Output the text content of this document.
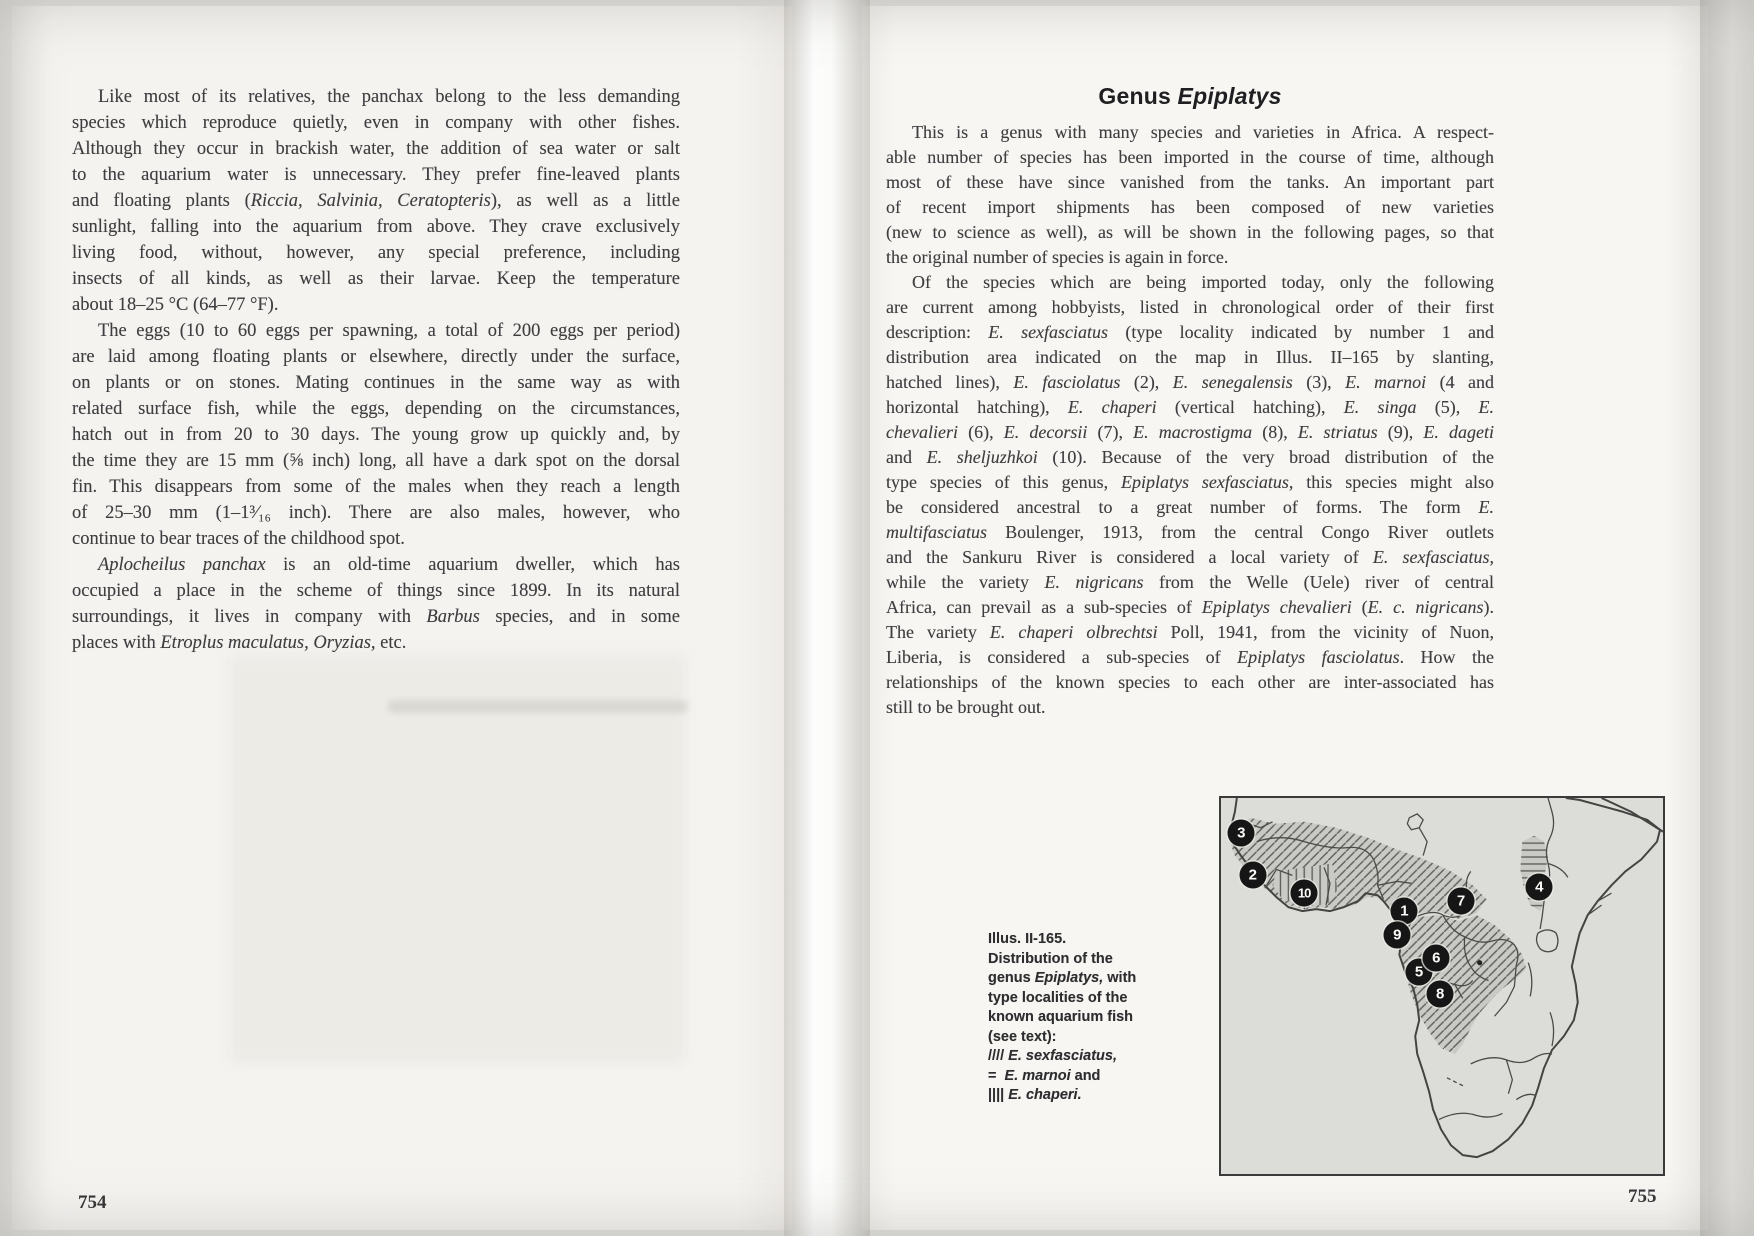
Like most of its relatives, the panchax belong to the less demanding
species which reproduce quietly, even in company with other fishes.
Although they occur in brackish water, the addition of sea water or salt
to the aquarium water is unnecessary. They prefer fine-leaved plants
and floating plants (Riccia, Salvinia, Ceratopteris), as well as a little
sunlight, falling into the aquarium from above. They crave exclusively
living food, without, however, any special preference, including
insects of all kinds, as well as their larvae. Keep the temperature
about 18–25 °C (64–77 °F).
The eggs (10 to 60 eggs per spawning, a total of 200 eggs per period)
are laid among floating plants or elsewhere, directly under the surface,
on plants or on stones. Mating continues in the same way as with
related surface fish, while the eggs, depending on the circumstances,
hatch out in from 20 to 30 days. The young grow up quickly and, by
the time they are 15 mm (⅝ inch) long, all have a dark spot on the dorsal
fin. This disappears from some of the males when they reach a length
of 25–30 mm (1–1³⁄₁₆ inch). There are also males, however, who
continue to bear traces of the childhood spot.
Aplocheilus panchax is an old-time aquarium dweller, which has
occupied a place in the scheme of things since 1899. In its natural
surroundings, it lives in company with Barbus species, and in some
places with Etroplus maculatus, Oryzias, etc.
Genus Epiplatys
This is a genus with many species and varieties in Africa. A respect-
able number of species has been imported in the course of time, although
most of these have since vanished from the tanks. An important part
of recent import shipments has been composed of new varieties
(new to science as well), as will be shown in the following pages, so that
the original number of species is again in force.
Of the species which are being imported today, only the following
are current among hobbyists, listed in chronological order of their first
description: E. sexfasciatus (type locality indicated by number 1 and
distribution area indicated on the map in Illus. II–165 by slanting,
hatched lines), E. fasciolatus (2), E. senegalensis (3), E. marnoi (4 and
horizontal hatching), E. chaperi (vertical hatching), E. singa (5), E.
chevalieri (6), E. decorsii (7), E. macrostigma (8), E. striatus (9), E. dageti
and E. sheljuzhkoi (10). Because of the very broad distribution of the
type species of this genus, Epiplatys sexfasciatus, this species might also
be considered ancestral to a great number of forms. The form E.
multifasciatus Boulenger, 1913, from the central Congo River outlets
and the Sankuru River is considered a local variety of E. sexfasciatus,
while the variety E. nigricans from the Welle (Uele) river of central
Africa, can prevail as a sub-species of Epiplatys chevalieri (E. c. nigricans).
The variety E. chaperi olbrechtsi Poll, 1941, from the vicinity of Nuon,
Liberia, is considered a sub-species of Epiplatys fasciolatus. How the
relationships of the known species to each other are inter-associated has
still to be brought out.
Illus. II-165.
Distribution of the
genus Epiplatys, with
type localities of the
known aquarium fish
(see text):
//// E. sexfasciatus,
=  E. marnoi and
|||| E. chaperi.
1
2
3
4
5
6
7
8
9
10
754	755
